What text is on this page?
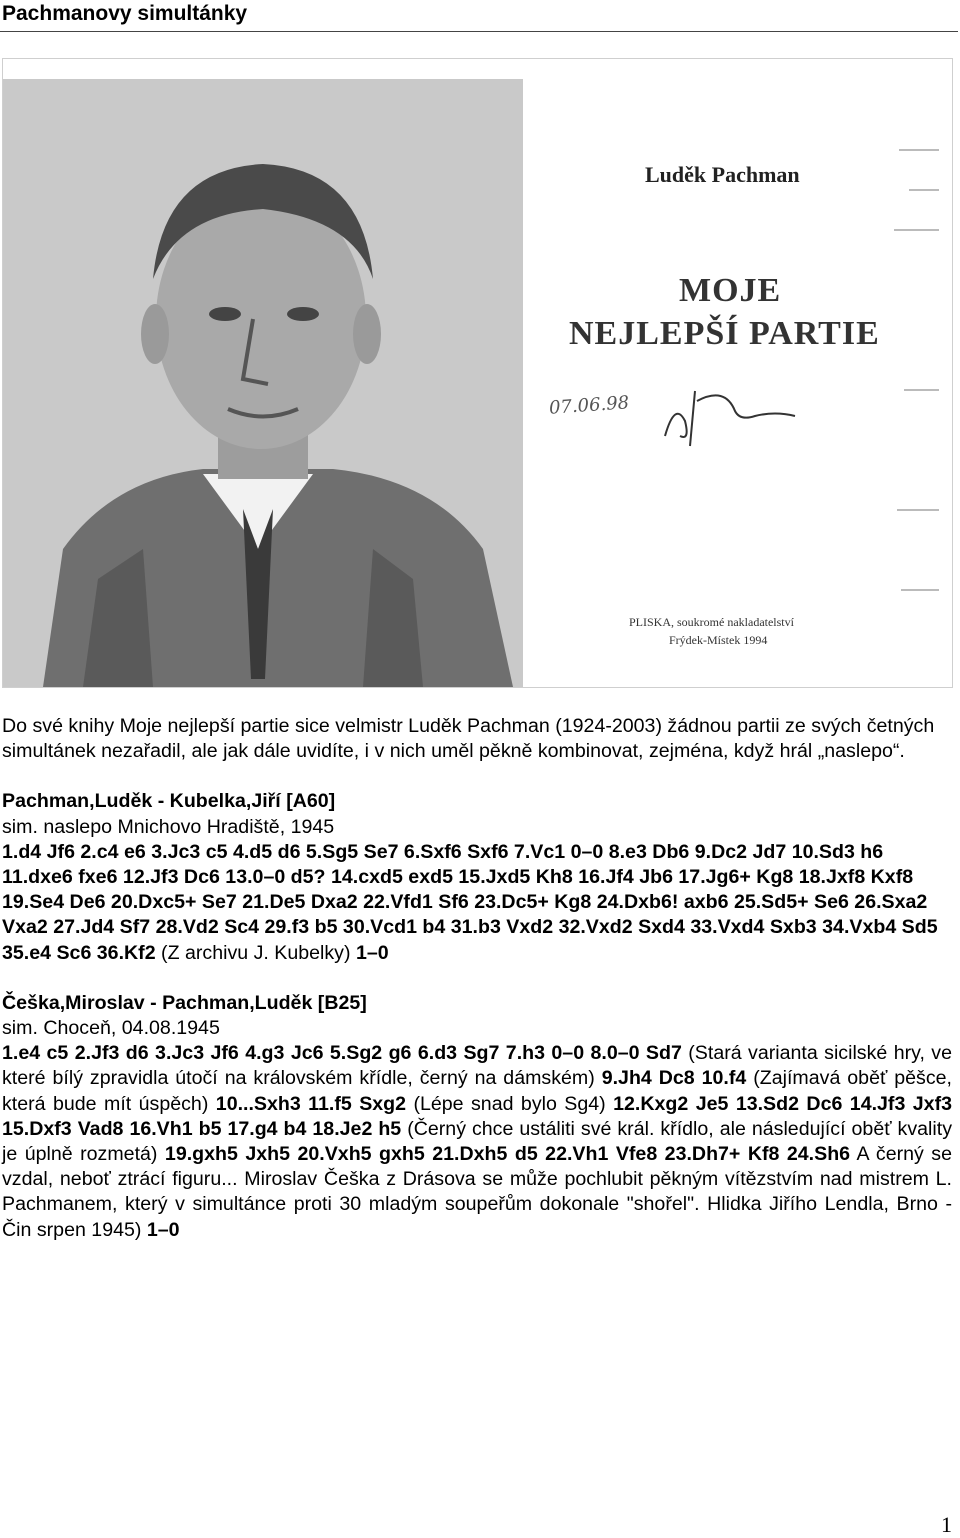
Pachmanovy simultánky
Luděk Pachman
MOJE
NEJLEPŠÍ PARTIE
07.06.98
PLISKA, soukromé nakladatelství
Frýdek-Místek 1994

Do své knihy Moje nejlepší partie sice velmistr Luděk Pachman (1924-2003) žádnou partii ze svých četných simultánek nezařadil, ale jak dále uvidíte, i v nich uměl pěkně kombinovat, zejména, když hrál „naslepo“.

Pachman,Luděk - Kubelka,Jiří [A60]

sim. naslepo Mnichovo Hradiště, 1945

1.d4 Jf6 2.c4 e6 3.Jc3 c5 4.d5 d6 5.Sg5 Se7 6.Sxf6 Sxf6 7.Vc1 0–0 8.e3 Db6 9.Dc2 Jd7 10.Sd3 h6 11.dxe6 fxe6 12.Jf3 Dc6 13.0–0 d5? 14.cxd5 exd5 15.Jxd5 Kh8 16.Jf4 Jb6 17.Jg6+ Kg8 18.Jxf8 Kxf8 19.Se4 De6 20.Dxc5+ Se7 21.De5 Dxa2 22.Vfd1 Sf6 23.Dc5+ Kg8 24.Dxb6! axb6 25.Sd5+ Se6 26.Sxa2 Vxa2 27.Jd4 Sf7 28.Vd2 Sc4 29.f3 b5 30.Vcd1 b4 31.b3 Vxd2 32.Vxd2 Sxd4 33.Vxd4 Sxb3 34.Vxb4 Sd5 35.e4 Sc6 36.Kf2 (Z archivu J. Kubelky) 1–0

Češka,Miroslav - Pachman,Luděk [B25]

sim. Choceň, 04.08.1945

1.e4 c5 2.Jf3 d6 3.Jc3 Jf6 4.g3 Jc6 5.Sg2 g6 6.d3 Sg7 7.h3 0–0 8.0–0 Sd7 (Stará varianta sicilské hry, ve které bílý zpravidla útočí na královském křídle, černý na dámském) 9.Jh4 Dc8 10.f4 (Zajímavá oběť pěšce, která bude mít úspěch) 10...Sxh3 11.f5 Sxg2 (Lépe snad bylo Sg4) 12.Kxg2 Je5 13.Sd2 Dc6 14.Jf3 Jxf3 15.Dxf3 Vad8 16.Vh1 b5 17.g4 b4 18.Je2 h5 (Černý chce ustáliti své král. křídlo, ale následující oběť kvality je úplně rozmetá) 19.gxh5 Jxh5 20.Vxh5 gxh5 21.Dxh5 d5 22.Vh1 Vfe8 23.Dh7+ Kf8 24.Sh6 A černý se vzdal, neboť ztrácí figuru... Miroslav Češka z Drásova se může pochlubit pěkným vítězstvím nad mistrem L. Pachmanem, který v simultánce proti 30 mladým soupeřům dokonale "shořel". Hlidka Jiřího Lendla, Brno - Čin srpen 1945) 1–0

1
